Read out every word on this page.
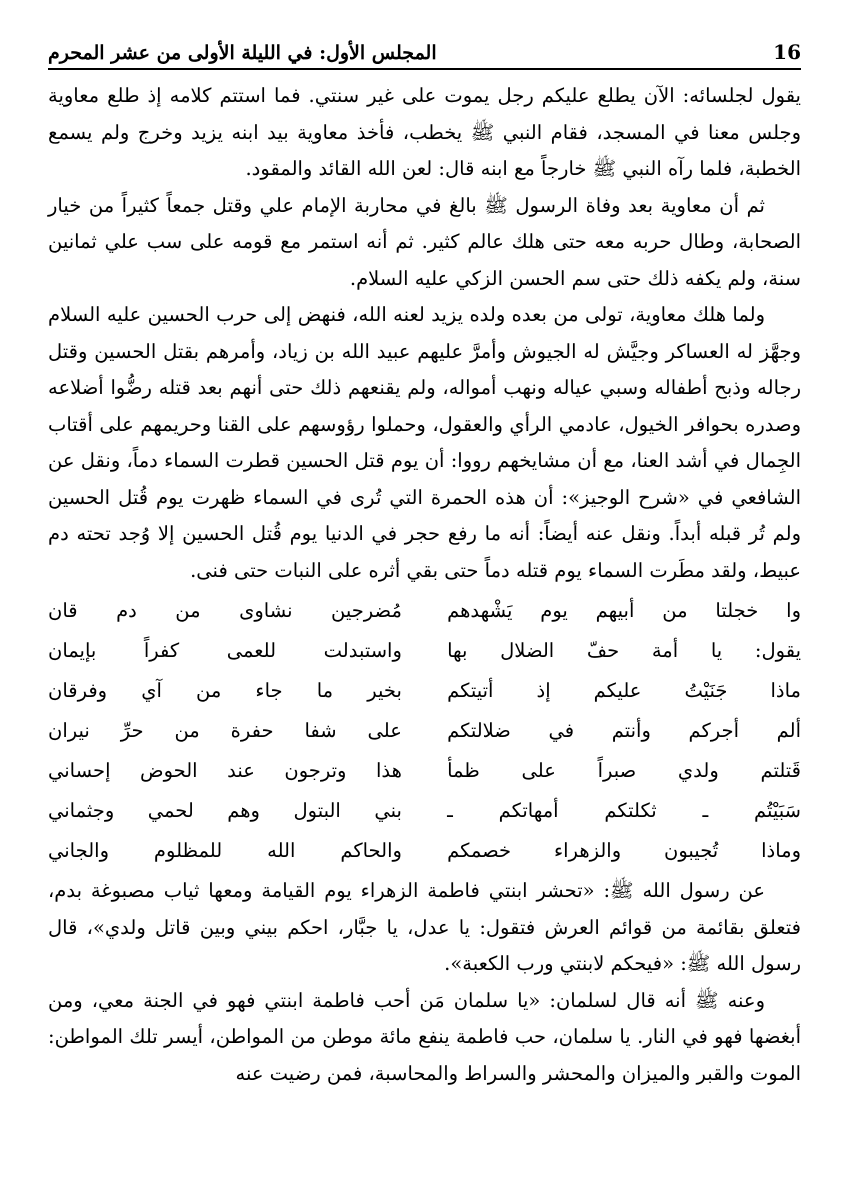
16
المجلس الأول: في الليلة الأولى من عشر المحرم

يقول لجلسائه: الآن يطلع عليكم رجل يموت على غير سنتي. فما استتم كلامه إذ طلع معاوية وجلس معنا في المسجد، فقام النبي ﷺ يخطب، فأخذ معاوية بيد ابنه يزيد وخرج ولم يسمع الخطبة، فلما رآه النبي ﷺ خارجاً مع ابنه قال: لعن الله القائد والمقود.

ثم أن معاوية بعد وفاة الرسول ﷺ بالغ في محاربة الإمام علي وقتل جمعاً كثيراً من خيار الصحابة، وطال حربه معه حتى هلك عالم كثير. ثم أنه استمر مع قومه على سب علي ثمانين سنة، ولم يكفه ذلك حتى سم الحسن الزكي عليه السلام.

ولما هلك معاوية، تولى من بعده ولده يزيد لعنه الله، فنهض إلى حرب الحسين عليه السلام وجهَّز له العساكر وجيَّش له الجيوش وأمرَّ عليهم عبيد الله بن زياد، وأمرهم بقتل الحسين وقتل رجاله وذبح أطفاله وسبي عياله ونهب أمواله، ولم يقنعهم ذلك حتى أنهم بعد قتله رضُّوا أضلاعه وصدره بحوافر الخيول، عادمي الرأي والعقول، وحملوا رؤوسهم على القنا وحريمهم على أقتاب الجِمال في أشد العنا، مع أن مشايخهم رووا: أن يوم قتل الحسين قطرت السماء دماً، ونقل عن الشافعي في «شرح الوجيز»: أن هذه الحمرة التي تُرى في السماء ظهرت يوم قُتل الحسين ولم تُر قبله أبداً. ونقل عنه أيضاً: أنه ما رفع حجر في الدنيا يوم قُتل الحسين إلا وُجد تحته دم عبيط، ولقد مطَرت السماء يوم قتله دماً حتى بقي أثره على النبات حتى فنى.

وا خجلتا من أبيهم يوم يَشْهدهم
مُضرجين نشاوى من دم قان
يقول: يا أمة حفّ الضلال بها
واستبدلت للعمى كفراً بإيمان
ماذا جَنَيْتُ عليكم إذ أتيتكم
بخير ما جاء من آي وفرقان
ألم أجركم وأنتم في ضلالتكم
على شفا حفرة من حرِّ نيران
قَتلتم ولدي صبراً على ظمأ
هذا وترجون عند الحوض إحساني
سَبَيْتُم ـ ثكلتكم أمهاتكم ـ
بني البتول وهم لحمي وجثماني
وماذا تُجيبون والزهراء خصمكم
والحاكم الله للمظلوم والجاني

عن رسول الله ﷺ: «تحشر ابنتي فاطمة الزهراء يوم القيامة ومعها ثياب مصبوغة بدم، فتعلق بقائمة من قوائم العرش فتقول: يا عدل، يا جبَّار، احكم بيني وبين قاتل ولدي»، قال رسول الله ﷺ: «فيحكم لابنتي ورب الكعبة».

وعنه ﷺ أنه قال لسلمان: «يا سلمان مَن أحب فاطمة ابنتي فهو في الجنة معي، ومن أبغضها فهو في النار. يا سلمان، حب فاطمة ينفع مائة موطن من المواطن، أيسر تلك المواطن: الموت والقبر والميزان والمحشر والسراط والمحاسبة، فمن رضيت عنه
